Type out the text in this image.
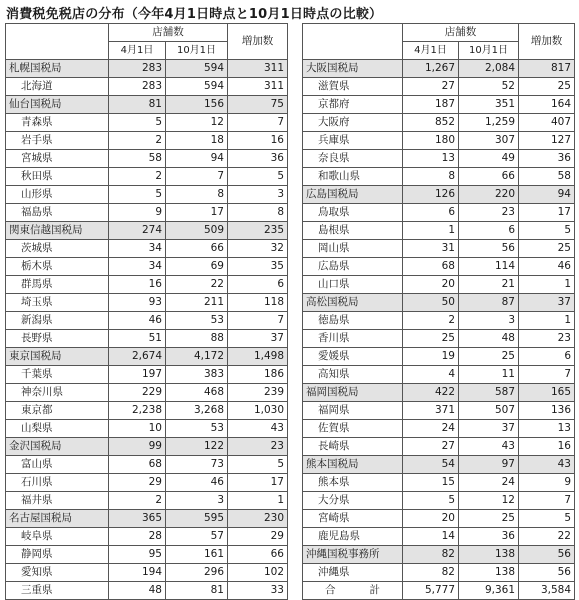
消費税免税店の分布（今年4月1日時点と10月1日時点の比較）
	店舗数		増加数
	4月1日	10月1日	
札幌国税局	283	594	311
北海道	283	594	311
仙台国税局	81	156	75
青森県	5	12	7
岩手県	2	18	16
宮城県	58	94	36
秋田県	2	7	5
山形県	5	8	3
福島県	9	17	8
関東信越国税局	274	509	235
茨城県	34	66	32
栃木県	34	69	35
群馬県	16	22	6
埼玉県	93	211	118
新潟県	46	53	7
長野県	51	88	37
東京国税局	2,674	4,172	1,498
千葉県	197	383	186
神奈川県	229	468	239
東京都	2,238	3,268	1,030
山梨県	10	53	43
金沢国税局	99	122	23
富山県	68	73	5
石川県	29	46	17
福井県	2	3	1
名古屋国税局	365	595	230
岐阜県	28	57	29
静岡県	95	161	66
愛知県	194	296	102
三重県	48	81	33
	店舗数		増加数
	4月1日	10月1日	
大阪国税局	1,267	2,084	817
滋賀県	27	52	25
京都府	187	351	164
大阪府	852	1,259	407
兵庫県	180	307	127
奈良県	13	49	36
和歌山県	8	66	58
広島国税局	126	220	94
鳥取県	6	23	17
島根県	1	6	5
岡山県	31	56	25
広島県	68	114	46
山口県	20	21	1
高松国税局	50	87	37
徳島県	2	3	1
香川県	25	48	23
愛媛県	19	25	6
高知県	4	11	7
福岡国税局	422	587	165
福岡県	371	507	136
佐賀県	24	37	13
長崎県	27	43	16
熊本国税局	54	97	43
熊本県	15	24	9
大分県	5	12	7
宮崎県	20	25	5
鹿児島県	14	36	22
沖縄国税事務所	82	138	56
沖縄県	82	138	56
合 計	5,777	9,361	3,584
